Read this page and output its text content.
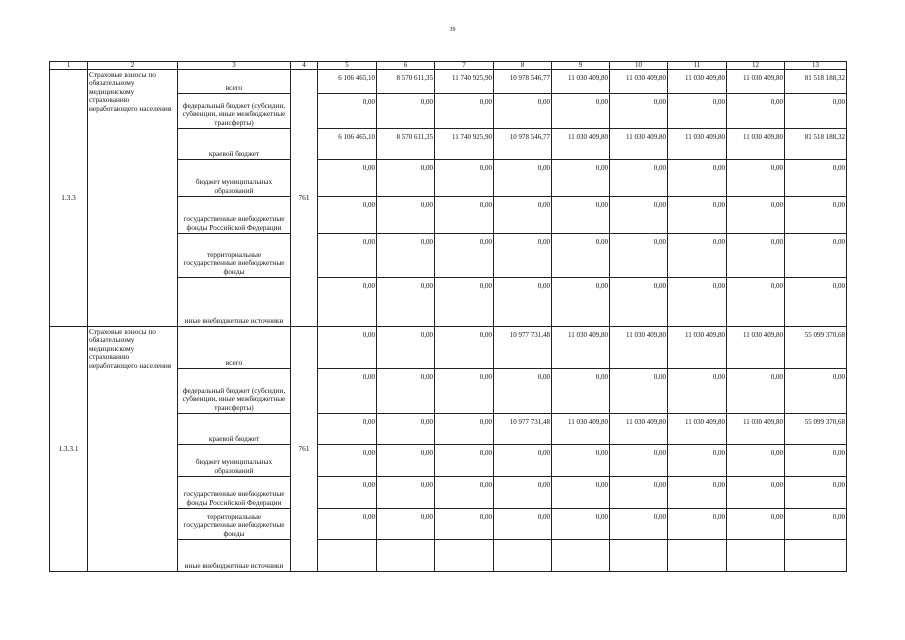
39
1	2	3	4	5	6	7	8	9	10	11	12	13
1.3.3	Страховые взносы по обязательному медицинскому страхованию неработающего населения	всего	761	6 106 465,10	8 570 611,35	11 740 925,90	10 978 546,77	11 030 409,80	11 030 409,80	11 030 409,80	11 030 409,80	81 518 188,32
		федеральный бюджет (субсидии, субвенции, иные межбюджетные трансферты)		0,00	0,00	0,00	0,00	0,00	0,00	0,00	0,00	0,00
		краевой бюджет		6 106 465,10	8 570 611,35	11 740 925,90	10 978 546,77	11 030 409,80	11 030 409,80	11 030 409,80	11 030 409,80	81 518 188,32
		бюджет муниципальных образований		0,00	0,00	0,00	0,00	0,00	0,00	0,00	0,00	0,00
		государственные внебюджетные фонды Российской Федерации		0,00	0,00	0,00	0,00	0,00	0,00	0,00	0,00	0,00
		территориальные государственные внебюджетные фонды		0,00	0,00	0,00	0,00	0,00	0,00	0,00	0,00	0,00
		иные внебюджетные источники		0,00	0,00	0,00	0,00	0,00	0,00	0,00	0,00	0,00
1.3.3.1	Страховые взносы по обязательному медицинскому страхованию неработающего населения	всего	761	0,00	0,00	0,00	10 977 731,48	11 030 409,80	11 030 409,80	11 030 409,80	11 030 409,80	55 099 370,68
		федеральный бюджет (субсидии, субвенции, иные межбюджетные трансферты)		0,00	0,00	0,00	0,00	0,00	0,00	0,00	0,00	0,00
		краевой бюджет		0,00	0,00	0,00	10 977 731,48	11 030 409,80	11 030 409,80	11 030 409,80	11 030 409,80	55 099 370,68
		бюджет муниципальных образований		0,00	0,00	0,00	0,00	0,00	0,00	0,00	0,00	0,00
		государственные внебюджетные фонды Российской Федерации		0,00	0,00	0,00	0,00	0,00	0,00	0,00	0,00	0,00
		территориальные государственные внебюджетные фонды		0,00	0,00	0,00	0,00	0,00	0,00	0,00	0,00	0,00
		иные внебюджетные источники										
